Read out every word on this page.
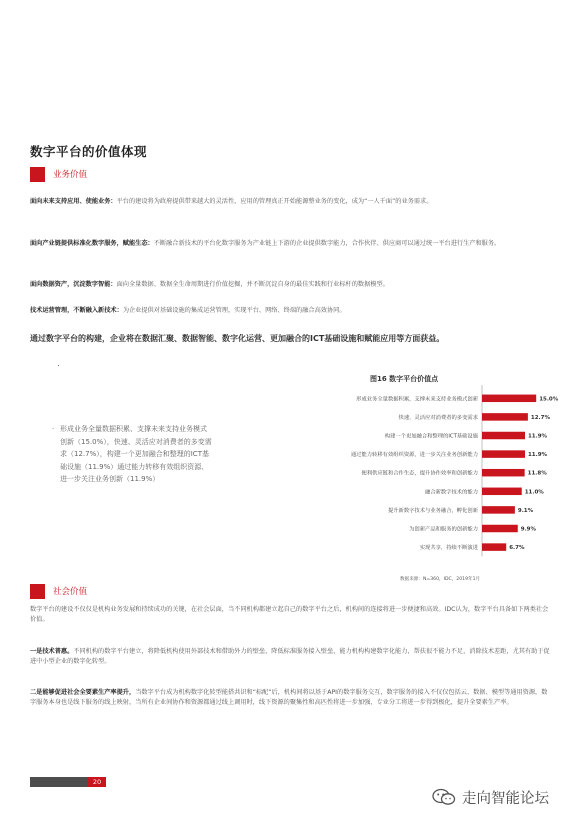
数字平台的价值体现
业务价值
面向未来支持应用、使能业务：平台的建设将为政府提供带来越大的灵活性，应用的管理真正开始能源整业务的变化，成为“一人千面”的业务需求。
面向产业链提供标准化数字服务，赋能生态：不断融合新技术的平台化数字服务为产业链上下游的企业提供数字能力，合作伙伴、供应商可以通过统一平台进行生产和服务。
面向数据资产，沉淀数字智能：面向全量数据、数据全生命周期进行价值挖掘，并不断沉淀自身的最佳实践和行业标杆的数据模型。
技术运营管理，不断融入新技术：为企业提供对基础设施的集成运营管理，实现平台、网络、终端的融合高效协同。
通过数字平台的构建，企业将在数据汇聚、数据智能、数字化运营、更加融合的ICT基础设施和赋能应用等方面获益。
· 形成业务全量数据积累、支撑未来支持业务模式创新（15.0%），快速、灵活应对消费者的多变需求（12.7%），构建一个更加融合和整理的ICT基础设施（11.9%）通过能力转移有效组织资源、进一步关注业务创新（11.9%）
图16 数字平台价值点
形成业务全量数据积累，支撑未来支持业务模式创新	15.0%
快速、灵活应对消费者的多变需求	12.7%
构建一个更加融合和整理的ICT基础设施	11.9%
通过能力转移有效组织资源，进一步关注业务创新能力	11.9%
便利供应链和合作生态，提升协作效率和创新能力	11.8%
融合新数字技术的能力	11.0%
提升新数字技术与业务融合，孵化创新	9.1%
为创新产品和服务的创新能力	9.9%
实现共享，持续不断演进	6.7%
数据来源：N=360，IDC，2019年1月
社会价值
数字平台的建设不仅仅是机构业务发展和持续成功的关键，在社会层面，当不同机构都建立起自己的数字平台之后，机构间的连接将进一步便捷和高效。IDC认为，数字平台具备如下两类社会价值。
一是技术普惠。不同机构的数字平台建立，将降低机构使用外部技术和借助外力的壁垒，降低标准服务接入壁垒，能力机构构建数字化能力，帮扶很不能力不足，消除技术差距，尤其有助于促进中小型企业的数字化转型。
二是能够促进社会全要素生产率提升，当数字平台成为机构数字化转型能搭共识和“标配”后，机构间将以基于API的数字服务交互，数字服务的接入不仅仅包括云、数据、模型等通用资源，数字服务本身也是线下服务的线上映射，当所有企业间协作和资源都通过线上调用时，线下资源的聚集性和高匹性将进一步加强，专业分工将进一步得到极化，提升全要素生产率。
20
走向智能论坛
